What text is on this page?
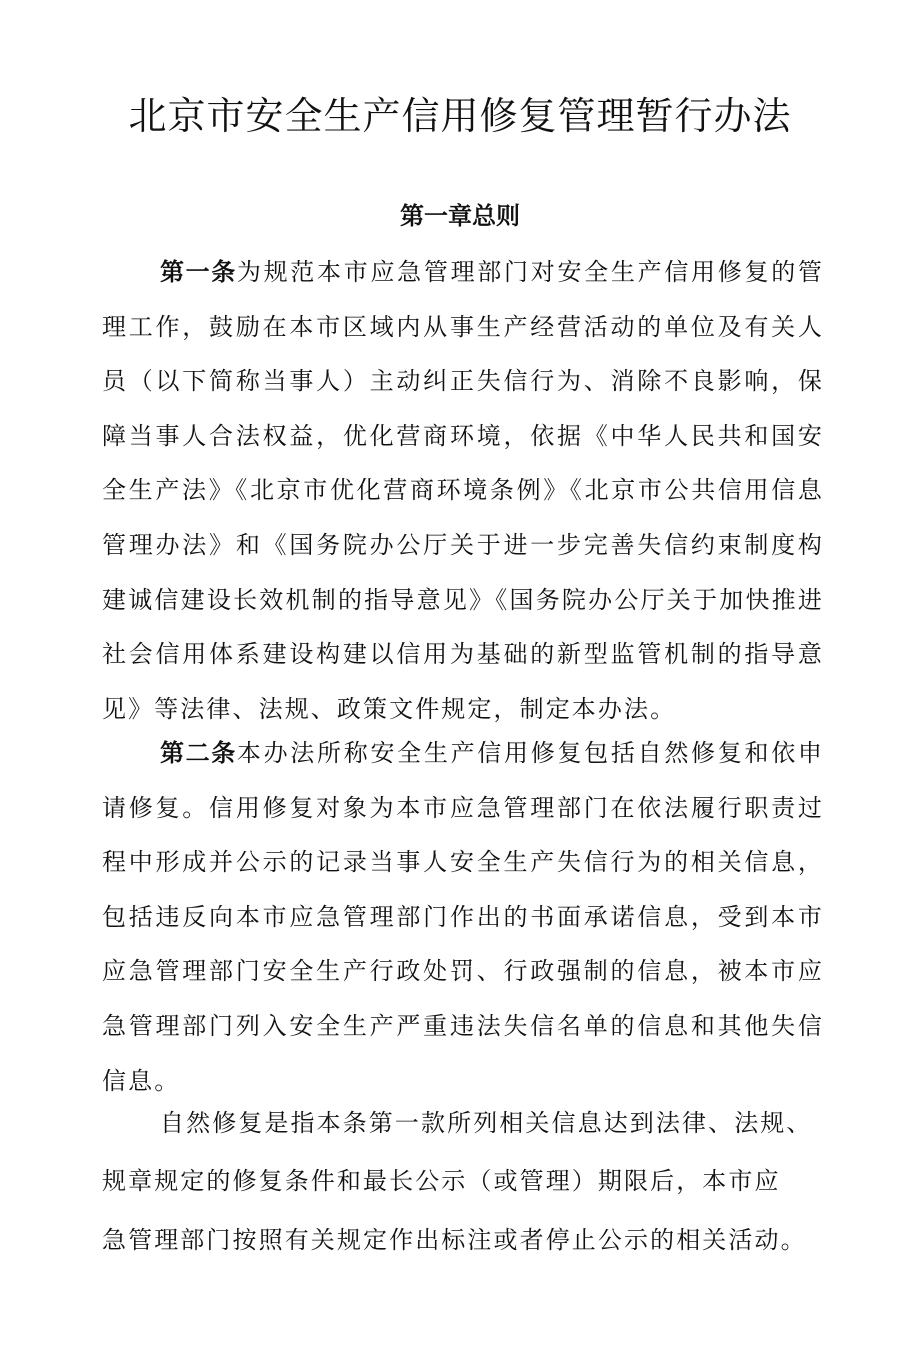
北京市安全生产信用修复管理暂行办法
第一章总则

第一条为规范本市应急管理部门对安全生产信用修复的管理工作，鼓励在本市区域内从事生产经营活动的单位及有关人员（以下简称当事人）主动纠正失信行为、消除不良影响，保障当事人合法权益，优化营商环境，依据《中华人民共和国安全生产法》《北京市优化营商环境条例》《北京市公共信用信息管理办法》和《国务院办公厅关于进一步完善失信约束制度构建诚信建设长效机制的指导意见》《国务院办公厅关于加快推进社会信用体系建设构建以信用为基础的新型监管机制的指导意见》等法律、法规、政策文件规定，制定本办法。

第二条本办法所称安全生产信用修复包括自然修复和依申请修复。信用修复对象为本市应急管理部门在依法履行职责过程中形成并公示的记录当事人安全生产失信行为的相关信息，包括违反向本市应急管理部门作出的书面承诺信息，受到本市应急管理部门安全生产行政处罚、行政强制的信息，被本市应急管理部门列入安全生产严重违法失信名单的信息和其他失信信息。

自然修复是指本条第一款所列相关信息达到法律、法规、

规章规定的修复条件和最长公示（或管理）期限后，本市应

急管理部门按照有关规定作出标注或者停止公示的相关活动。
